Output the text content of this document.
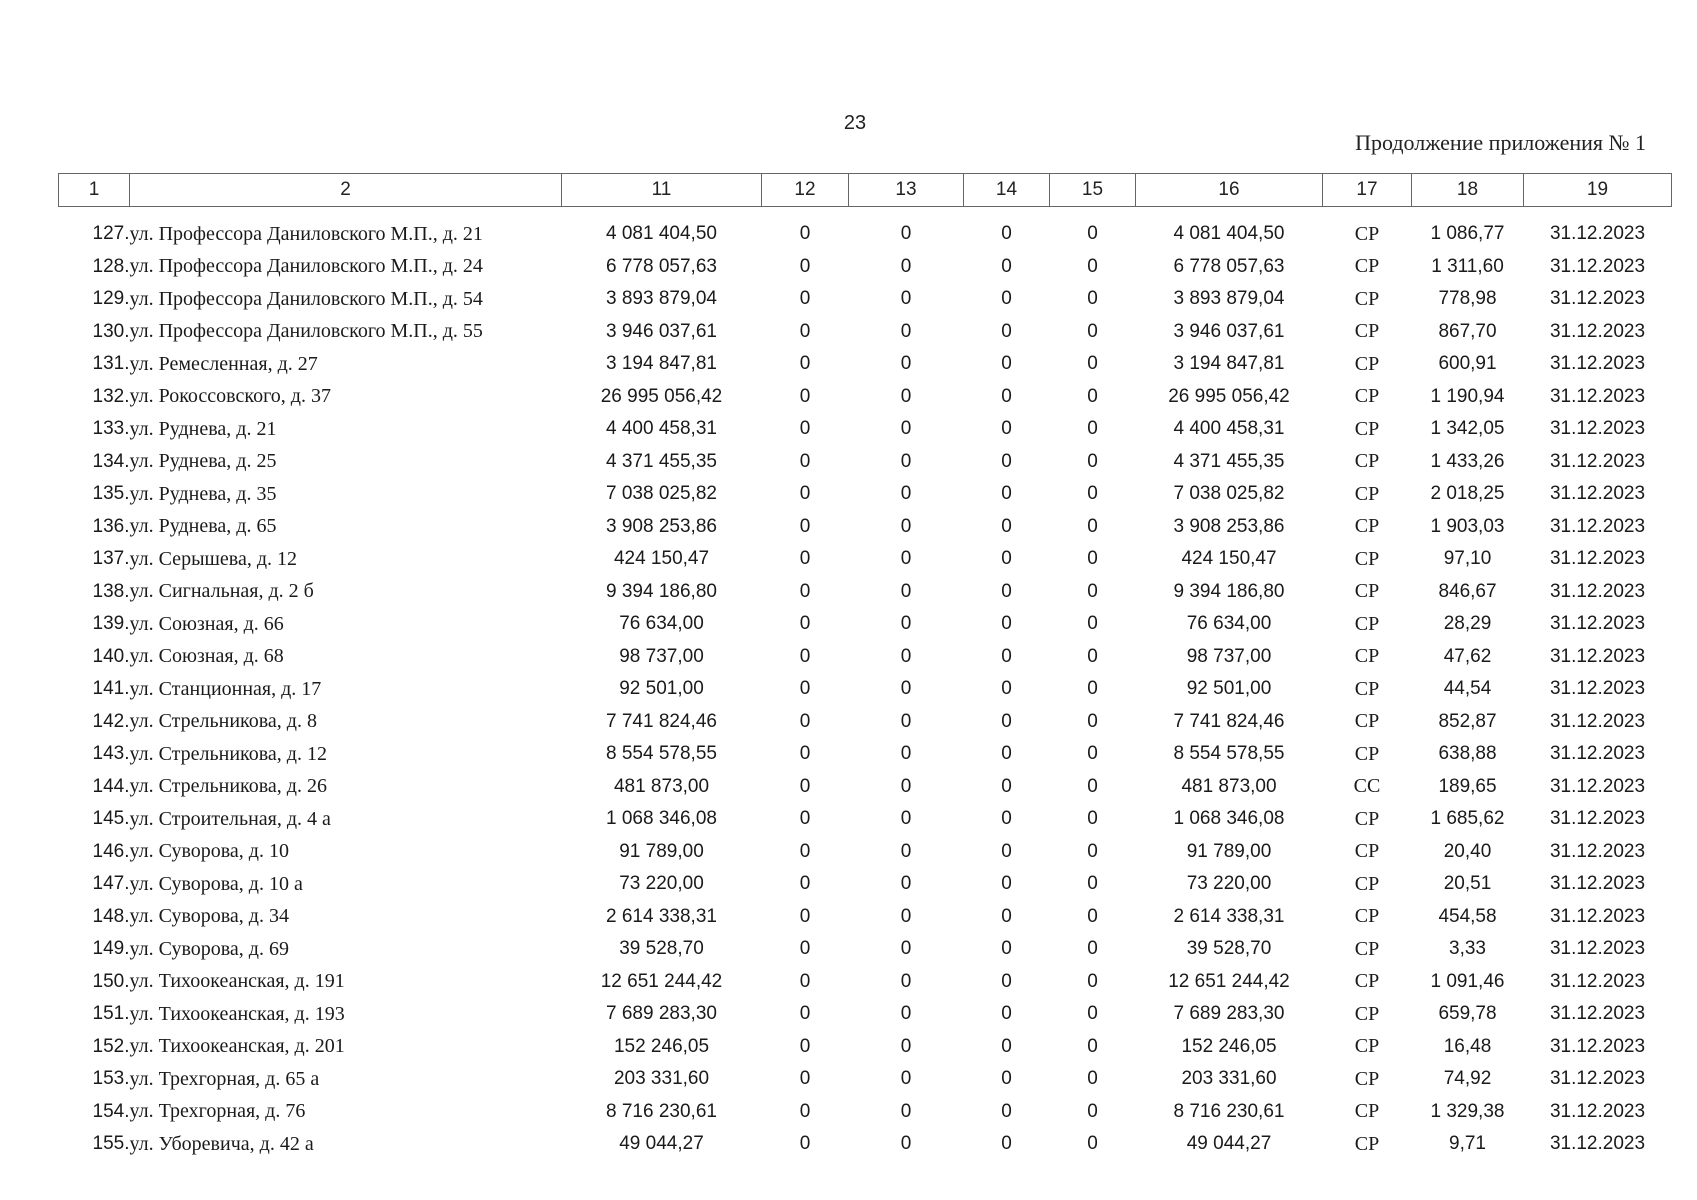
23
Продолжение приложения № 1
1	2	11	12	13	14	15	16	17	18	19

127.	ул. Профессора Даниловского М.П., д. 21	4 081 404,50	0	0	0	0	4 081 404,50	СР	1 086,77	31.12.2023
128.	ул. Профессора Даниловского М.П., д. 24	6 778 057,63	0	0	0	0	6 778 057,63	СР	1 311,60	31.12.2023
129.	ул. Профессора Даниловского М.П., д. 54	3 893 879,04	0	0	0	0	3 893 879,04	СР	778,98	31.12.2023
130.	ул. Профессора Даниловского М.П., д. 55	3 946 037,61	0	0	0	0	3 946 037,61	СР	867,70	31.12.2023
131.	ул. Ремесленная, д. 27	3 194 847,81	0	0	0	0	3 194 847,81	СР	600,91	31.12.2023
132.	ул. Рокоссовского, д. 37	26 995 056,42	0	0	0	0	26 995 056,42	СР	1 190,94	31.12.2023
133.	ул. Руднева, д. 21	4 400 458,31	0	0	0	0	4 400 458,31	СР	1 342,05	31.12.2023
134.	ул. Руднева, д. 25	4 371 455,35	0	0	0	0	4 371 455,35	СР	1 433,26	31.12.2023
135.	ул. Руднева, д. 35	7 038 025,82	0	0	0	0	7 038 025,82	СР	2 018,25	31.12.2023
136.	ул. Руднева, д. 65	3 908 253,86	0	0	0	0	3 908 253,86	СР	1 903,03	31.12.2023
137.	ул. Серышева, д. 12	424 150,47	0	0	0	0	424 150,47	СР	97,10	31.12.2023
138.	ул. Сигнальная, д. 2 б	9 394 186,80	0	0	0	0	9 394 186,80	СР	846,67	31.12.2023
139.	ул. Союзная, д. 66	76 634,00	0	0	0	0	76 634,00	СР	28,29	31.12.2023
140.	ул. Союзная, д. 68	98 737,00	0	0	0	0	98 737,00	СР	47,62	31.12.2023
141.	ул. Станционная, д. 17	92 501,00	0	0	0	0	92 501,00	СР	44,54	31.12.2023
142.	ул. Стрельникова, д. 8	7 741 824,46	0	0	0	0	7 741 824,46	СР	852,87	31.12.2023
143.	ул. Стрельникова, д. 12	8 554 578,55	0	0	0	0	8 554 578,55	СР	638,88	31.12.2023
144.	ул. Стрельникова, д. 26	481 873,00	0	0	0	0	481 873,00	СС	189,65	31.12.2023
145.	ул. Строительная, д. 4 а	1 068 346,08	0	0	0	0	1 068 346,08	СР	1 685,62	31.12.2023
146.	ул. Суворова, д. 10	91 789,00	0	0	0	0	91 789,00	СР	20,40	31.12.2023
147.	ул. Суворова, д. 10 а	73 220,00	0	0	0	0	73 220,00	СР	20,51	31.12.2023
148.	ул. Суворова, д. 34	2 614 338,31	0	0	0	0	2 614 338,31	СР	454,58	31.12.2023
149.	ул. Суворова, д. 69	39 528,70	0	0	0	0	39 528,70	СР	3,33	31.12.2023
150.	ул. Тихоокеанская, д. 191	12 651 244,42	0	0	0	0	12 651 244,42	СР	1 091,46	31.12.2023
151.	ул. Тихоокеанская, д. 193	7 689 283,30	0	0	0	0	7 689 283,30	СР	659,78	31.12.2023
152.	ул. Тихоокеанская, д. 201	152 246,05	0	0	0	0	152 246,05	СР	16,48	31.12.2023
153.	ул. Трехгорная, д. 65 а	203 331,60	0	0	0	0	203 331,60	СР	74,92	31.12.2023
154.	ул. Трехгорная, д. 76	8 716 230,61	0	0	0	0	8 716 230,61	СР	1 329,38	31.12.2023
155.	ул. Уборевича, д. 42 а	49 044,27	0	0	0	0	49 044,27	СР	9,71	31.12.2023
